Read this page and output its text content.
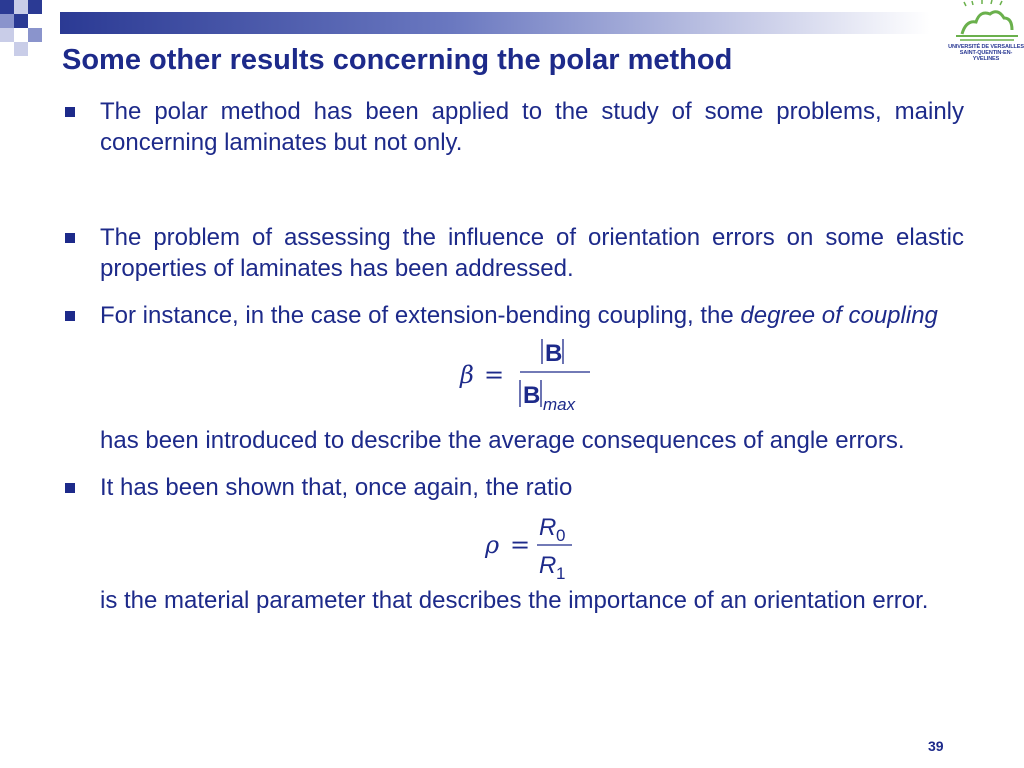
UNIVERSITÉ DE VERSAILLES
SAINT-QUENTIN-EN-YVELINES
Some other results concerning the polar method
The polar method has been applied to the study of some problems, mainly concerning laminates but not only.
The problem of assessing the influence of orientation errors on some elastic properties of laminates has been addressed.
For instance, in the case of extension-bending coupling, the degree of coupling
β =
B
B max
has been introduced to describe the average consequences of angle errors.
It has been shown that, once again, the ratio
ρ =
R 0
R 1
is the material parameter that describes the importance of an orientation error.
39
